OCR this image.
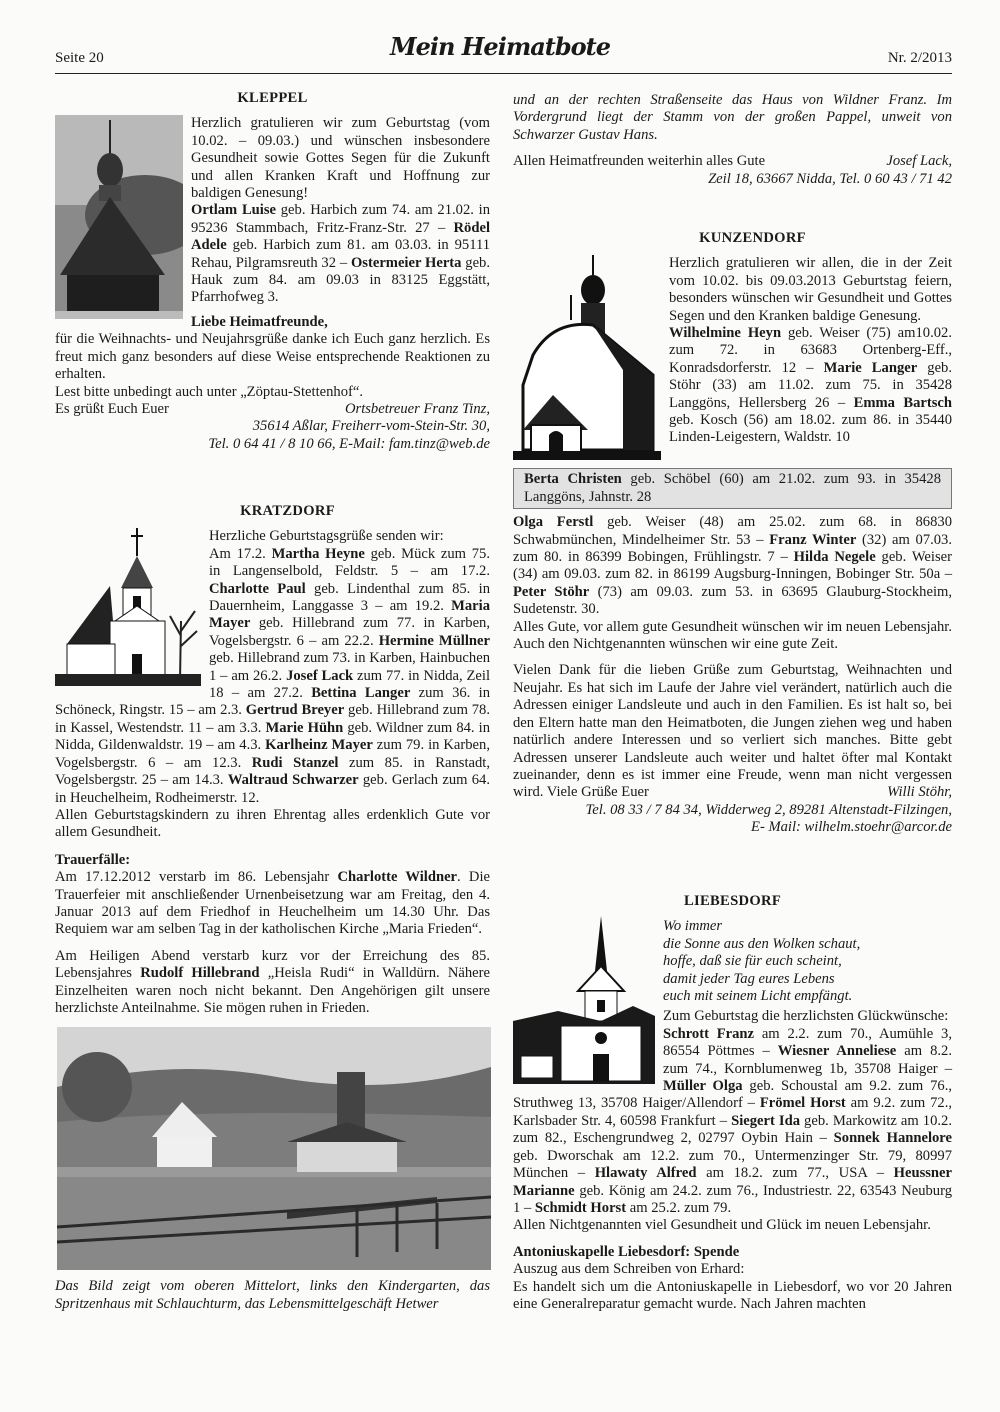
Seite 20	Mein Heimatbote	Nr. 2/2013
KLEPPEL

Herzlich gratulieren wir zum Geburtstag (vom 10.02. – 09.03.) und wünschen insbesondere Gesundheit sowie Gottes Segen für die Zukunft und allen Kranken Kraft und Hoffnung zur baldigen Genesung!

Ortlam Luise geb. Harbich zum 74. am 21.02. in 95236 Stammbach, Fritz-Franz-Str. 27 – Rödel Adele geb. Harbich zum 81. am 03.03. in 95111 Rehau, Pilgramsreuth 32 – Ostermeier Herta geb. Hauk zum 84. am 09.03 in 83125 Eggstätt, Pfarrhofweg 3.

Liebe Heimatfreunde,

für die Weihnachts- und Neujahrsgrüße danke ich Euch ganz herzlich. Es freut mich ganz besonders auf diese Weise entsprechende Reaktionen zu erhalten.

Lest bitte unbedingt auch unter „Zöptau-Stettenhof“.

Es grüßt Euch Euer	Ortsbetreuer Franz Tinz,
35614 Aßlar, Freiherr-vom-Stein-Str. 30,
Tel. 0 64 41 / 8 10 66, E-Mail: fam.tinz@web.de
KRATZDORF

Herzliche Geburtstagsgrüße senden wir:

Am 17.2. Martha Heyne geb. Mück zum 75. in Langenselbold, Feldstr. 5 – am 17.2. Charlotte Paul geb. Lindenthal zum 85. in Dauernheim, Langgasse 3 – am 19.2. Maria Mayer geb. Hillebrand zum 77. in Karben, Vogelsbergstr. 6 – am 22.2. Hermine Müllner geb. Hillebrand zum 73. in Karben, Hainbuchen 1 – am 26.2. Josef Lack zum 77. in Nidda, Zeil 18 – am 27.2. Bettina Langer zum 36. in Schöneck, Ringstr. 15 – am 2.3. Gertrud Breyer geb. Hillebrand zum 78. in Kassel, Westendstr. 11 – am 3.3. Marie Hühn geb. Wildner zum 84. in Nidda, Gildenwaldstr. 19 – am 4.3. Karlheinz Mayer zum 79. in Karben, Vogelsbergstr. 6 – am 12.3. Rudi Stanzel zum 85. in Ranstadt, Vogelsbergstr. 25 – am 14.3. Waltraud Schwarzer geb. Gerlach zum 64. in Heuchelheim, Rodheimerstr. 12.

Allen Geburtstagskindern zu ihren Ehrentag alles erdenklich Gute vor allem Gesundheit.

Trauerfälle:

Am 17.12.2012 verstarb im 86. Lebensjahr Charlotte Wildner. Die Trauerfeier mit anschließender Urnenbeisetzung war am Freitag, den 4. Januar 2013 auf dem Friedhof in Heuchelheim um 14.30 Uhr. Das Requiem war am selben Tag in der katholischen Kirche „Maria Frieden“.

Am Heiligen Abend verstarb kurz vor der Erreichung des 85. Lebensjahres Rudolf Hillebrand „Heisla Rudi“ in Walldürn. Nähere Einzelheiten waren noch nicht bekannt. Den Angehörigen gilt unsere herzlichste Anteilnahme. Sie mögen ruhen in Frieden.

Das Bild zeigt vom oberen Mittelort, links den Kindergarten, das Spritzenhaus mit Schlauchturm, das Lebensmittelgeschäft Hetwer

und an der rechten Straßenseite das Haus von Wildner Franz. Im Vordergrund liegt der Stamm von der großen Pappel, unweit von Schwarzer Gustav Hans.

Allen Heimatfreunden weiterhin alles Gute	Josef Lack,
Zeil 18, 63667 Nidda, Tel. 0 60 43 / 71 42
KUNZENDORF

Herzlich gratulieren wir allen, die in der Zeit vom 10.02. bis 09.03.2013 Geburtstag feiern, besonders wünschen wir Gesundheit und Gottes Segen und den Kranken baldige Genesung.

Wilhelmine Heyn geb. Weiser (75) am10.02. zum 72. in 63683 Ortenberg-Eff., Konradsdorferstr. 12 – Marie Langer geb. Stöhr (33) am 11.02. zum 75. in 35428 Langgöns, Hellersberg 26 – Emma Bartsch geb. Kosch (56) am 18.02. zum 86. in 35440 Linden-Leigestern, Waldstr. 10

Berta Christen geb. Schöbel (60) am 21.02. zum 93. in 35428 Langgöns, Jahnstr. 28

Olga Ferstl geb. Weiser (48) am 25.02. zum 68. in 86830 Schwabmünchen, Mindelheimer Str. 53 – Franz Winter (32) am 07.03. zum 80. in 86399 Bobingen, Frühlingstr. 7 – Hilda Negele geb. Weiser (34) am 09.03. zum 82. in 86199 Augsburg-Inningen, Bobinger Str. 50a – Peter Stöhr (73) am 09.03. zum 53. in 63695 Glauburg-Stockheim, Sudetenstr. 30.

Alles Gute, vor allem gute Gesundheit wünschen wir im neuen Lebensjahr. Auch den Nichtgenannten wünschen wir eine gute Zeit.

Vielen Dank für die lieben Grüße zum Geburtstag, Weihnachten und Neujahr. Es hat sich im Laufe der Jahre viel verändert, natürlich auch die Adressen einiger Landsleute und auch in den Familien. Es ist halt so, bei den Eltern hatte man den Heimatboten, die Jungen ziehen weg und haben natürlich andere Interessen und so verliert sich manches. Bitte gebt Adressen unserer Landsleute auch weiter und haltet öfter mal Kontakt zueinander, denn es ist immer eine Freude, wenn man nicht vergessen wird. Viele Grüße Euer	Willi Stöhr,

Tel. 08 33 / 7 84 34, Widderweg 2, 89281 Altenstadt-Filzingen,
E- Mail: wilhelm.stoehr@arcor.de
LIEBESDORF
Wo immer
die Sonne aus den Wolken schaut,
hoffe, daß sie für euch scheint,
damit jeder Tag eures Lebens
euch mit seinem Licht empfängt.

Zum Geburtstag die herzlichsten Glückwünsche:

Schrott Franz am 2.2. zum 70., Aumühle 3, 86554 Pöttmes – Wiesner Anneliese am 8.2. zum 74., Kornblumenweg 1b, 35708 Haiger – Müller Olga geb. Schoustal am 9.2. zum 76., Struthweg 13, 35708 Haiger/Allendorf – Frömel Horst am 9.2. zum 72., Karlsbader Str. 4, 60598 Frankfurt – Siegert Ida geb. Markowitz am 10.2. zum 82., Eschengrundweg 2, 02797 Oybin Hain – Sonnek Hannelore geb. Dworschak am 12.2. zum 70., Untermenzinger Str. 79, 80997 München – Hlawaty Alfred am 18.2. zum 77., USA – Heussner Marianne geb. König am 24.2. zum 76., Industriestr. 22, 63543 Neuburg 1 – Schmidt Horst am 25.2. zum 79.

Allen Nichtgenannten viel Gesundheit und Glück im neuen Lebensjahr.

Antoniuskapelle Liebesdorf: Spende

Auszug aus dem Schreiben von Erhard:

Es handelt sich um die Antoniuskapelle in Liebesdorf, wo vor 20 Jahren eine Generalreparatur gemacht wurde. Nach Jahren machten
